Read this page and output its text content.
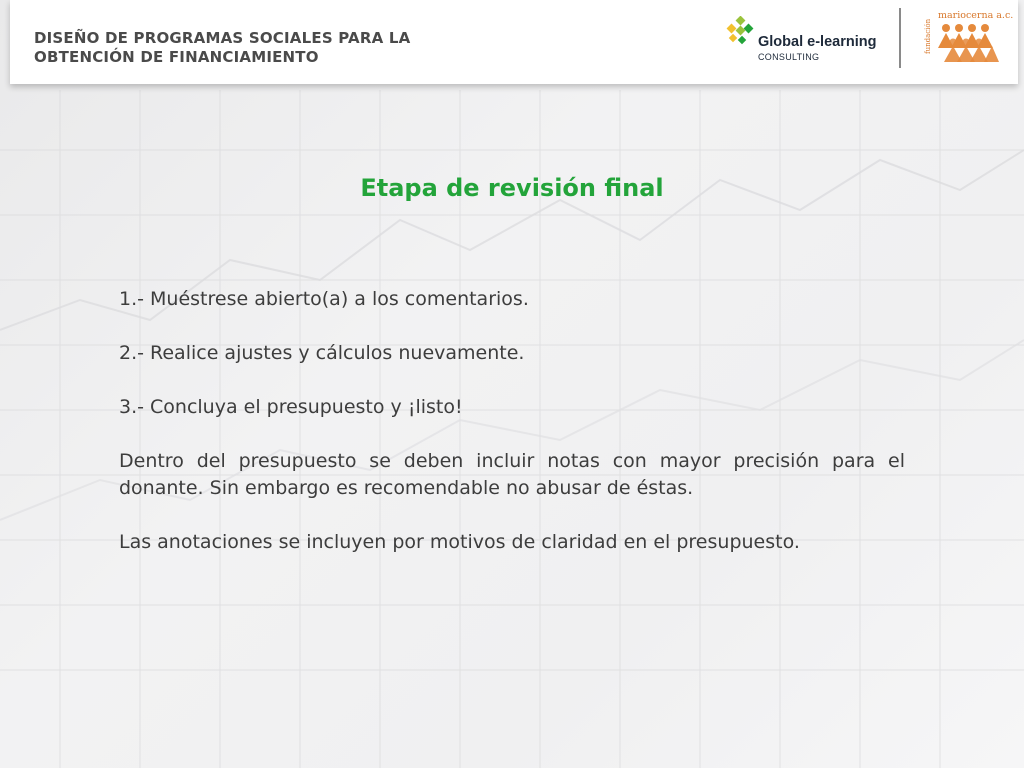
DISEÑO DE PROGRAMAS SOCIALES PARA LA
OBTENCIÓN DE FINANCIAMIENTO
Global e-learning
CONSULTING
fundación
mariocerna a.c.
Etapa de revisión final

1.- Muéstrese abierto(a) a los comentarios.

2.- Realice ajustes y cálculos nuevamente.

3.- Concluya el presupuesto y ¡listo!

Dentro del presupuesto se deben incluir notas con mayor precisión para el donante. Sin embargo es recomendable no abusar de éstas.

Las anotaciones se incluyen por motivos de claridad en el presupuesto.
